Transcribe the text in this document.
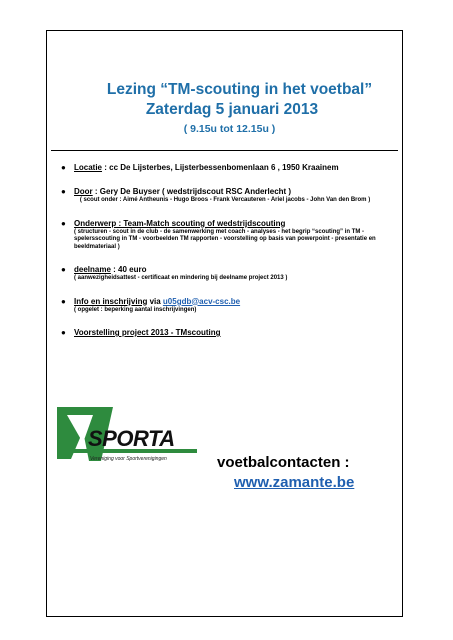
Lezing “TM-scouting in het voetbal”
Zaterdag 5 januari 2013
( 9.15u tot 12.15u )
● Locatie : cc De Lijsterbes, Lijsterbessenbomenlaan 6 , 1950 Kraainem
● Door : Gery De Buyser ( wedstrijdscout RSC Anderlecht )
( scout onder : Aimé Antheunis - Hugo Broos - Frank Vercauteren - Ariel jacobs - John Van den Brom )
● Onderwerp : Team-Match scouting of wedstrijdscouting
( structuren - scout in de club - de samenwerking met coach - analyses - het begrip “scouting” in TM - spelersscouting in TM - voorbeelden TM rapporten - voorstelling op basis van powerpoint - presentatie en beeldmateriaal )
● deelname : 40 euro
( aanwezigheidsattest - certificaat en mindering bij deelname project 2013 )
● Info en inschrijving via u05gdb@acv-csc.be
( opgelet : beperking aantal inschrijvingen)
● Voorstelling project 2013 - TMscouting
SPORTA
Vereniging voor Sportverenigingen	voetbalcontacten :
www.zamante.be
